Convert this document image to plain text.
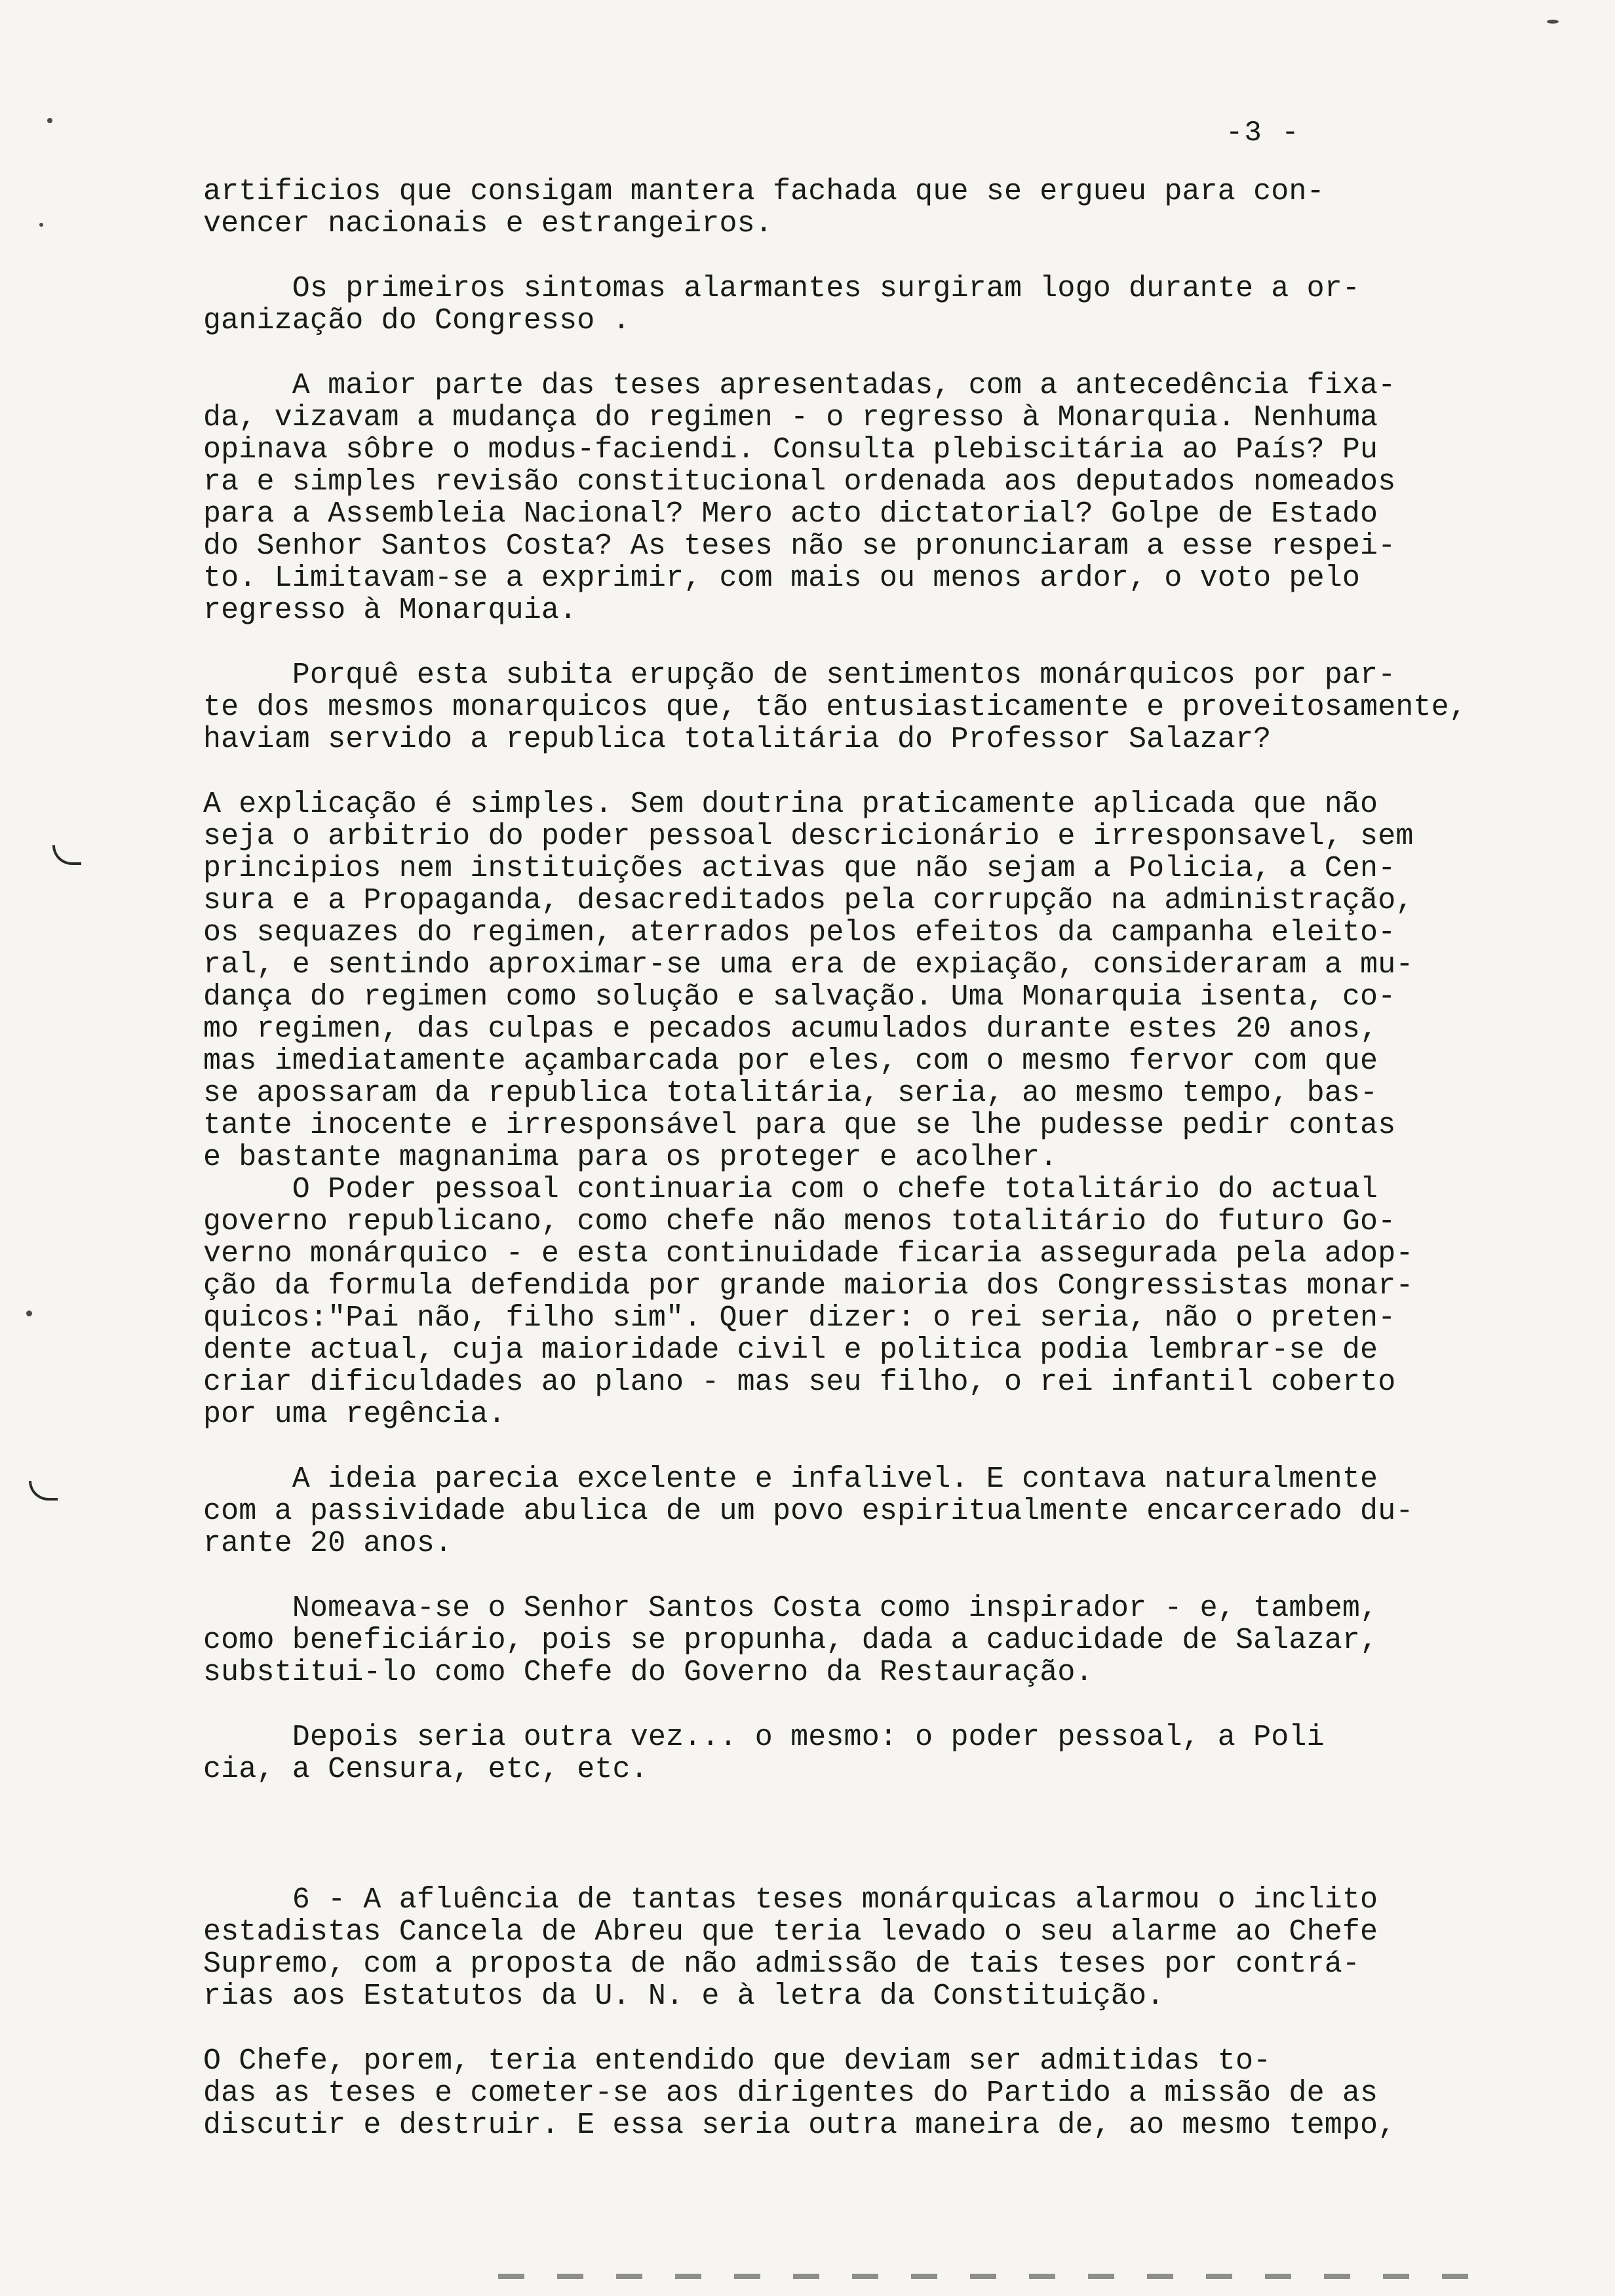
-3 -
artificios que consigam mantera fachada que se ergueu para con-
vencer nacionais e estrangeiros.
Os primeiros sintomas alarmantes surgiram logo durante a or-
ganização do Congresso .
A maior parte das teses apresentadas, com a antecedência fixa-
da, vizavam a mudança do regimen - o regresso à Monarquia. Nenhuma
opinava sôbre o modus-faciendi. Consulta plebiscitária ao País? Pu
ra e simples revisão constitucional ordenada aos deputados nomeados
para a Assembleia Nacional? Mero acto dictatorial? Golpe de Estado
do Senhor Santos Costa? As teses não se pronunciaram a esse respei-
to. Limitavam-se a exprimir, com mais ou menos ardor, o voto pelo
regresso à Monarquia.
Porquê esta subita erupção de sentimentos monárquicos por par-
te dos mesmos monarquicos que, tão entusiasticamente e proveitosamente,
haviam servido a republica totalitária do Professor Salazar?
A explicação é simples. Sem doutrina praticamente aplicada que não
seja o arbitrio do poder pessoal descricionário e irresponsavel, sem
principios nem instituições activas que não sejam a Policia, a Cen-
sura e a Propaganda, desacreditados pela corrupção na administração,
os sequazes do regimen, aterrados pelos efeitos da campanha eleito-
ral, e sentindo aproximar-se uma era de expiação, consideraram a mu-
dança do regimen como solução e salvação. Uma Monarquia isenta, co-
mo regimen, das culpas e pecados acumulados durante estes 20 anos,
mas imediatamente açambarcada por eles, com o mesmo fervor com que
se apossaram da republica totalitária, seria, ao mesmo tempo, bas-
tante inocente e irresponsável para que se lhe pudesse pedir contas
e bastante magnanima para os proteger e acolher.
O Poder pessoal continuaria com o chefe totalitário do actual
governo republicano, como chefe não menos totalitário do futuro Go-
verno monárquico - e esta continuidade ficaria assegurada pela adop-
ção da formula defendida por grande maioria dos Congressistas monar-
quicos:"Pai não, filho sim". Quer dizer: o rei seria, não o preten-
dente actual, cuja maioridade civil e politica podia lembrar-se de
criar dificuldades ao plano - mas seu filho, o rei infantil coberto
por uma regência.
A ideia parecia excelente e infalivel. E contava naturalmente
com a passividade abulica de um povo espiritualmente encarcerado du-
rante 20 anos.
Nomeava-se o Senhor Santos Costa como inspirador - e, tambem,
como beneficiário, pois se propunha, dada a caducidade de Salazar,
substitui-lo como Chefe do Governo da Restauração.
Depois seria outra vez... o mesmo: o poder pessoal, a Poli
cia, a Censura, etc, etc.
6 - A afluência de tantas teses monárquicas alarmou o inclito
estadistas Cancela de Abreu que teria levado o seu alarme ao Chefe
Supremo, com a proposta de não admissão de tais teses por contrá-
rias aos Estatutos da U. N. e à letra da Constituição.
O Chefe, porem, teria entendido que deviam ser admitidas to-
das as teses e cometer-se aos dirigentes do Partido a missão de as
discutir e destruir. E essa seria outra maneira de, ao mesmo tempo,
